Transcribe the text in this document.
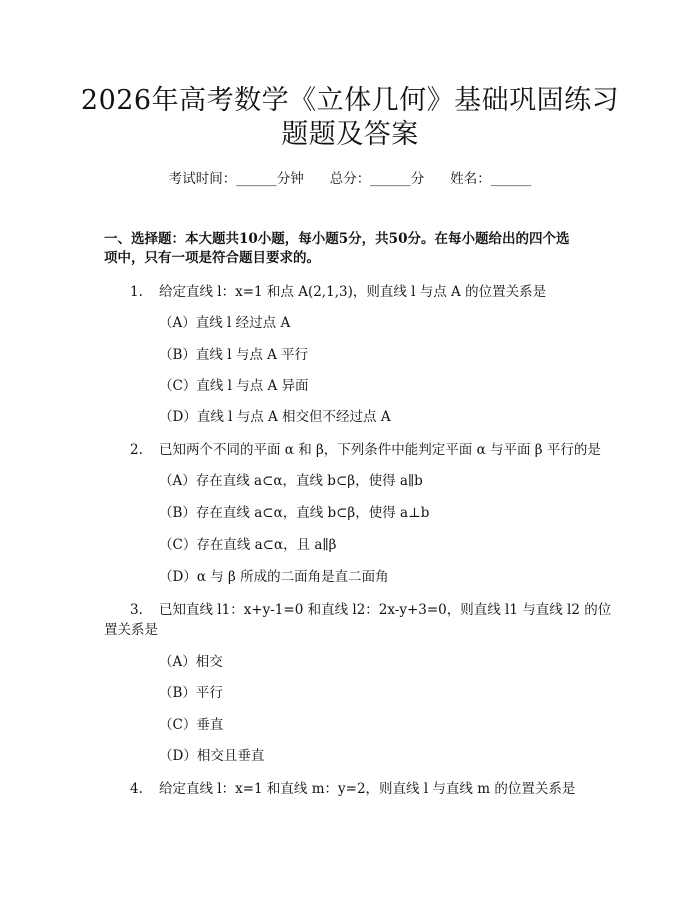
2026年高考数学《立体几何》基础巩固练习
题题及答案
考试时间：______分钟 总分：______分 姓名：______
一、选择题：本大题共10小题，每小题5分，共50分。在每小题给出的四个选
项中，只有一项是符合题目要求的。
1. 给定直线 l：x=1 和点 A(2,1,3)，则直线 l 与点 A 的位置关系是
（A）直线 l 经过点 A
（B）直线 l 与点 A 平行
（C）直线 l 与点 A 异面
（D）直线 l 与点 A 相交但不经过点 A
2. 已知两个不同的平面 α 和 β，下列条件中能判定平面 α 与平面 β 平行的是
（A）存在直线 a⊂α，直线 b⊂β，使得 a∥b
（B）存在直线 a⊂α，直线 b⊂β，使得 a⊥b
（C）存在直线 a⊂α，且 a∥β
（D）α 与 β 所成的二面角是直二面角
3. 已知直线 l1：x+y-1=0 和直线 l2：2x-y+3=0，则直线 l1 与直线 l2 的位
置关系是
（A）相交
（B）平行
（C）垂直
（D）相交且垂直
4. 给定直线 l：x=1 和直线 m：y=2，则直线 l 与直线 m 的位置关系是
